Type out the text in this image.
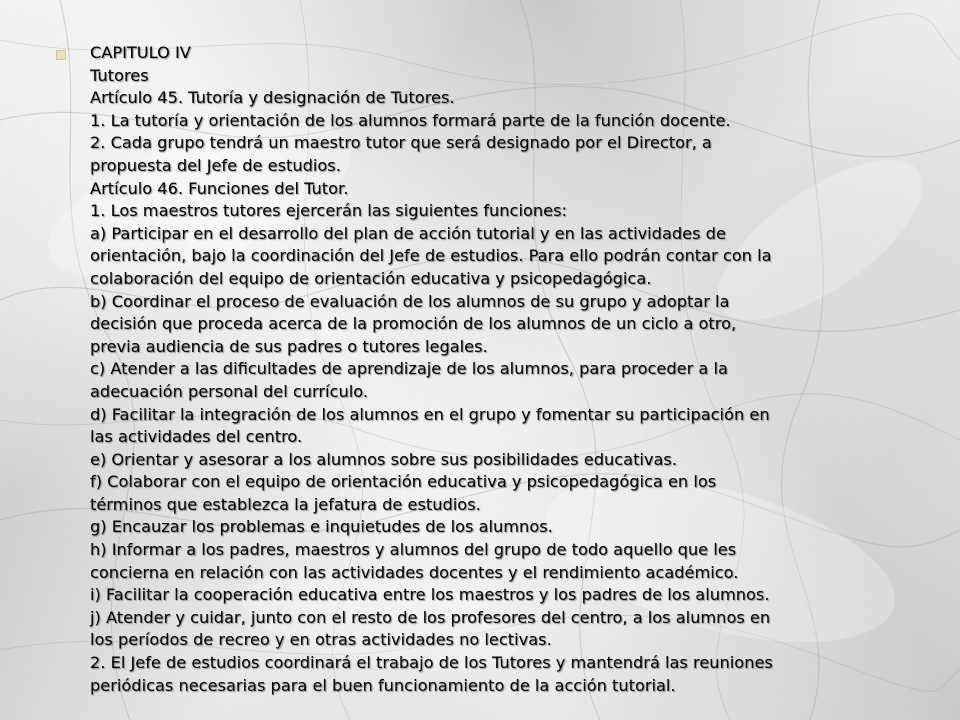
CAPITULO IV
Tutores
Artículo 45. Tutoría y designación de Tutores.
1. La tutoría y orientación de los alumnos formará parte de la función docente.
2. Cada grupo tendrá un maestro tutor que será designado por el Director, a
propuesta del Jefe de estudios.
Artículo 46. Funciones del Tutor.
1. Los maestros tutores ejercerán las siguientes funciones:
a) Participar en el desarrollo del plan de acción tutorial y en las actividades de
orientación, bajo la coordinación del Jefe de estudios. Para ello podrán contar con la
colaboración del equipo de orientación educativa y psicopedagógica.
b) Coordinar el proceso de evaluación de los alumnos de su grupo y adoptar la
decisión que proceda acerca de la promoción de los alumnos de un ciclo a otro,
previa audiencia de sus padres o tutores legales.
c) Atender a las dificultades de aprendizaje de los alumnos, para proceder a la
adecuación personal del currículo.
d) Facilitar la integración de los alumnos en el grupo y fomentar su participación en
las actividades del centro.
e) Orientar y asesorar a los alumnos sobre sus posibilidades educativas.
f) Colaborar con el equipo de orientación educativa y psicopedagógica en los
términos que establezca la jefatura de estudios.
g) Encauzar los problemas e inquietudes de los alumnos.
h) Informar a los padres, maestros y alumnos del grupo de todo aquello que les
concierna en relación con las actividades docentes y el rendimiento académico.
i) Facilitar la cooperación educativa entre los maestros y los padres de los alumnos.
j) Atender y cuidar, junto con el resto de los profesores del centro, a los alumnos en
los períodos de recreo y en otras actividades no lectivas.
2. El Jefe de estudios coordinará el trabajo de los Tutores y mantendrá las reuniones
periódicas necesarias para el buen funcionamiento de la acción tutorial.
